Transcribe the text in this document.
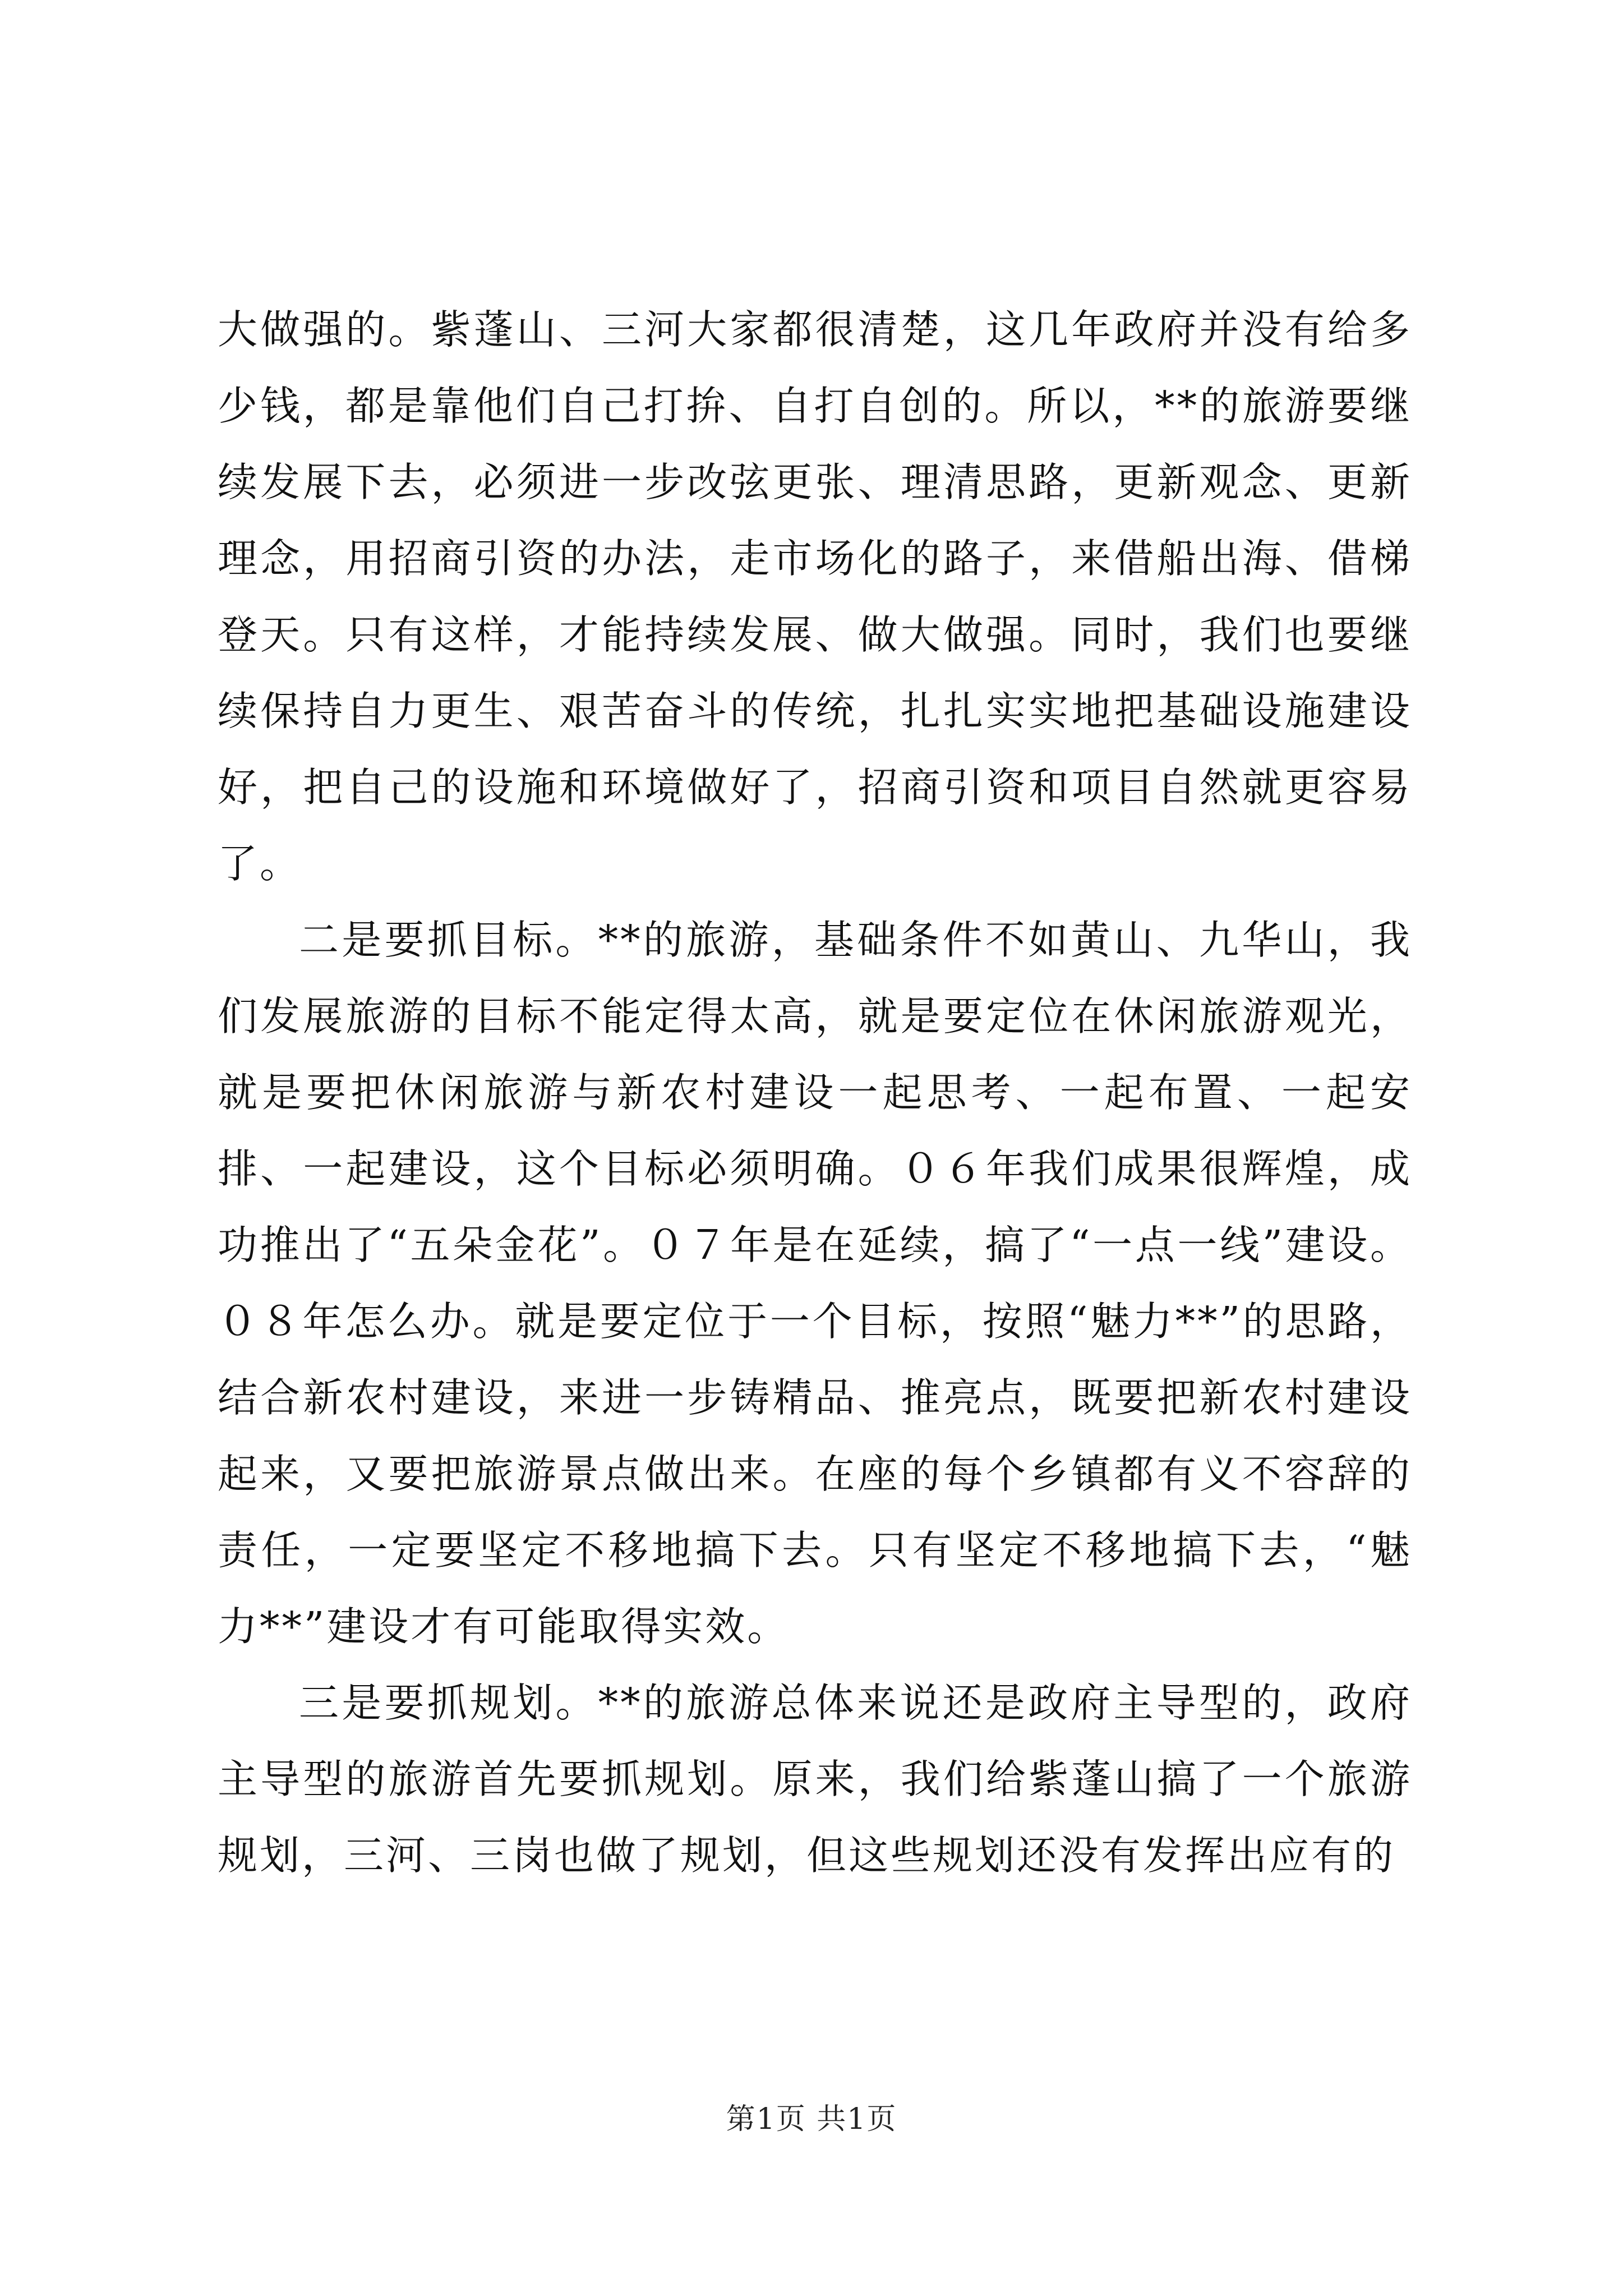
大做强的。紫蓬山、三河大家都很清楚，这几年政府并没有给多少钱，都是靠他们自己打拚、自打自创的。所以，**的旅游要继续发展下去，必须进一步改弦更张、理清思路，更新观念、更新理念，用招商引资的办法，走市场化的路子，来借船出海、借梯登天。只有这样，才能持续发展、做大做强。同时，我们也要继续保持自力更生、艰苦奋斗的传统，扎扎实实地把基础设施建设好，把自己的设施和环境做好了，招商引资和项目自然就更容易了。

二是要抓目标。**的旅游，基础条件不如黄山、九华山，我们发展旅游的目标不能定得太高，就是要定位在休闲旅游观光，就是要把休闲旅游与新农村建设一起思考、一起布置、一起安排、一起建设，这个目标必须明确。０６年我们成果很辉煌，成功推出了“五朵金花”。０７年是在延续，搞了“一点一线”建设。０８年怎么办。就是要定位于一个目标，按照“魅力**”的思路，结合新农村建设，来进一步铸精品、推亮点，既要把新农村建设起来，又要把旅游景点做出来。在座的每个乡镇都有义不容辞的责任，一定要坚定不移地搞下去。只有坚定不移地搞下去，“魅力**”建设才有可能取得实效。

三是要抓规划。**的旅游总体来说还是政府主导型的，政府主导型的旅游首先要抓规划。原来，我们给紫蓬山搞了一个旅游规划，三河、三岗也做了规划，但这些规划还没有发挥出应有的

第1页 共1页
